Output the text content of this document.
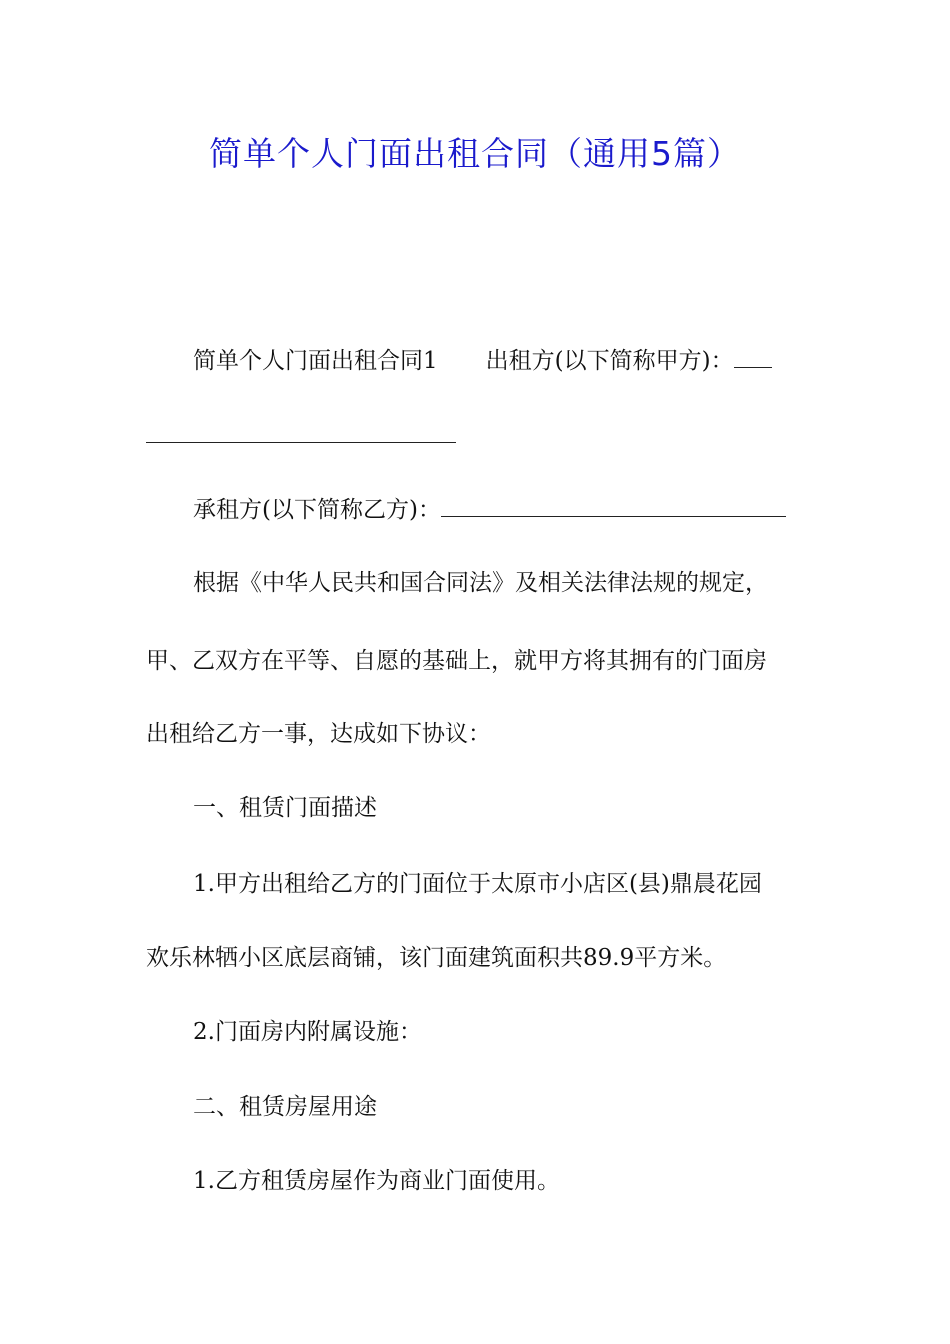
简单个人门面出租合同（通用5篇）
简单个人门面出租合同1 出租方(以下简称甲方)：
承租方(以下简称乙方)：
根据《中华人民共和国合同法》及相关法律法规的规定，
甲、乙双方在平等、自愿的基础上，就甲方将其拥有的门面房
出租给乙方一事，达成如下协议：
一、租赁门面描述
1.甲方出租给乙方的门面位于太原市小店区(县)鼎晨花园
欢乐林牺小区底层商铺，该门面建筑面积共89.9平方米。
2.门面房内附属设施：
二、租赁房屋用途
1.乙方租赁房屋作为商业门面使用。
